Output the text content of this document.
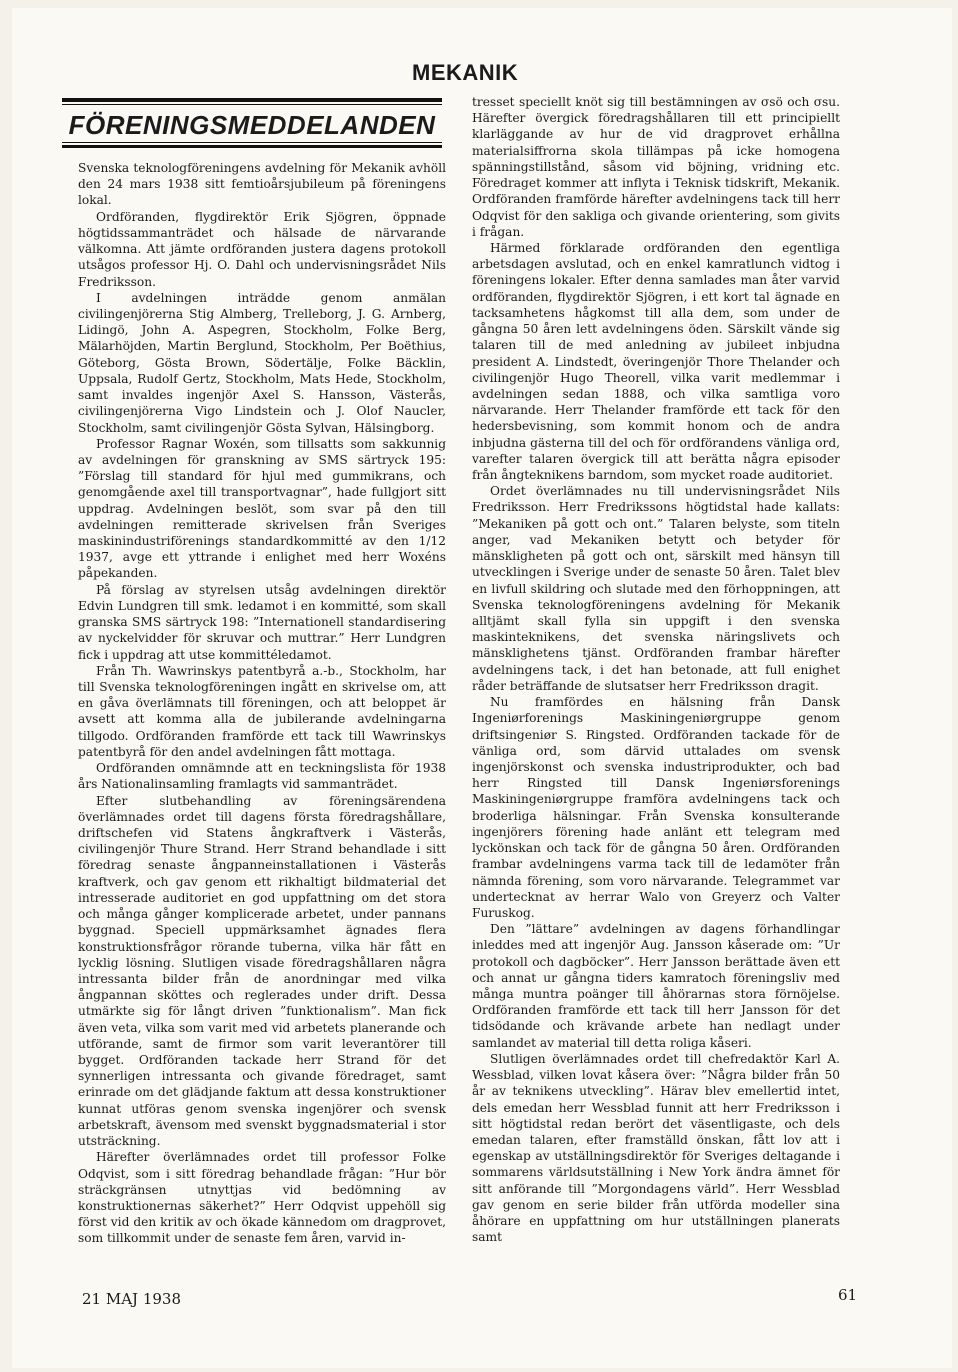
MEKANIK
FÖRENINGSMEDDELANDEN

Svenska teknologföreningens avdelning för Mekanik avhöll den 24 mars 1938 sitt femtioårsjubileum på föreningens lokal.

Ordföranden, flygdirektör Erik Sjögren, öppnade högtidssammanträdet och hälsade de närvarande välkomna. Att jämte ordföranden justera dagens protokoll utsågos professor Hj. O. Dahl och undervisningsrådet Nils Fredriksson.

I avdelningen inträdde genom anmälan civilingenjörerna Stig Almberg, Trelleborg, J. G. Arnberg, Lidingö, John A. Aspegren, Stockholm, Folke Berg, Mälarhöjden, Martin Berglund, Stockholm, Per Boëthius, Göteborg, Gösta Brown, Södertälje, Folke Bäcklin, Uppsala, Rudolf Gertz, Stockholm, Mats Hede, Stockholm, samt invaldes ingenjör Axel S. Hansson, Västerås, civilingenjörerna Vigo Lindstein och J. Olof Naucler, Stockholm, samt civilingenjör Gösta Sylvan, Hälsingborg.

Professor Ragnar Woxén, som tillsatts som sakkunnig av avdelningen för granskning av SMS särtryck 195: ”Förslag till standard för hjul med gummikrans, och genomgående axel till transportvagnar”, hade fullgjort sitt uppdrag. Avdelningen beslöt, som svar på den till avdelningen remitterade skrivelsen från Sveriges maskinindustriförenings standardkommitté av den 1/12 1937, avge ett yttrande i enlighet med herr Woxéns påpekanden.

På förslag av styrelsen utsåg avdelningen direktör Edvin Lundgren till smk. ledamot i en kommitté, som skall granska SMS särtryck 198: ”Internationell standardisering av nyckelvidder för skruvar och muttrar.” Herr Lundgren fick i uppdrag att utse kommittéledamot.

Från Th. Wawrinskys patentbyrå a.-b., Stockholm, har till Svenska teknologföreningen ingått en skrivelse om, att en gåva överlämnats till föreningen, och att beloppet är avsett att komma alla de jubilerande avdelningarna tillgodo. Ordföranden framförde ett tack till Wawrinskys patentbyrå för den andel avdelningen fått mottaga.

Ordföranden omnämnde att en teckningslista för 1938 års Nationalinsamling framlagts vid sammanträdet.

Efter slutbehandling av föreningsärendena överlämnades ordet till dagens första föredragshållare, driftschefen vid Statens ångkraftverk i Västerås, civilingenjör Thure Strand. Herr Strand behandlade i sitt föredrag senaste ångpanneinstallationen i Västerås kraftverk, och gav genom ett rikhaltigt bildmaterial det intresserade auditoriet en god uppfattning om det stora och många gånger komplicerade arbetet, under pannans byggnad. Speciell uppmärksamhet ägnades flera konstruktionsfrågor rörande tuberna, vilka här fått en lycklig lösning. Slutligen visade föredragshållaren några intressanta bilder från de anordningar med vilka ångpannan sköttes och reglerades under drift. Dessa utmärkte sig för långt driven ”funktionalism”. Man fick även veta, vilka som varit med vid arbetets planerande och utförande, samt de firmor som varit leverantörer till bygget. Ordföranden tackade herr Strand för det synnerligen intressanta och givande föredraget, samt erinrade om det glädjande faktum att dessa konstruktioner kunnat utföras genom svenska ingenjörer och svensk arbetskraft, ävensom med svenskt byggnadsmaterial i stor utsträckning.

Härefter överlämnades ordet till professor Folke Odqvist, som i sitt föredrag behandlade frågan: ”Hur bör sträckgränsen utnyttjas vid bedömning av konstruktionernas säkerhet?” Herr Odqvist uppehöll sig först vid den kritik av och ökade kännedom om dragprovet, som tillkommit under de senaste fem åren, varvid in-

tresset speciellt knöt sig till bestämningen av σsö och σsu. Härefter övergick föredragshållaren till ett principiellt klarläggande av hur de vid dragprovet erhållna materialsiffrorna skola tillämpas på icke homogena spänningstillstånd, såsom vid böjning, vridning etc. Föredraget kommer att inflyta i Teknisk tidskrift, Mekanik. Ordföranden framförde härefter avdelningens tack till herr Odqvist för den sakliga och givande orientering, som givits i frågan.

Härmed förklarade ordföranden den egentliga arbetsdagen avslutad, och en enkel kamratlunch vidtog i föreningens lokaler. Efter denna samlades man åter varvid ordföranden, flygdirektör Sjögren, i ett kort tal ägnade en tacksamhetens hågkomst till alla dem, som under de gångna 50 åren lett avdelningens öden. Särskilt vände sig talaren till de med anledning av jubileet inbjudna president A. Lindstedt, överingenjör Thore Thelander och civilingenjör Hugo Theorell, vilka varit medlemmar i avdelningen sedan 1888, och vilka samtliga voro närvarande. Herr Thelander framförde ett tack för den hedersbevisning, som kommit honom och de andra inbjudna gästerna till del och för ordförandens vänliga ord, varefter talaren övergick till att berätta några episoder från ångteknikens barndom, som mycket roade auditoriet.

Ordet överlämnades nu till undervisningsrådet Nils Fredriksson. Herr Fredrikssons högtidstal hade kallats: ”Mekaniken på gott och ont.” Talaren belyste, som titeln anger, vad Mekaniken betytt och betyder för mänskligheten på gott och ont, särskilt med hänsyn till utvecklingen i Sverige under de senaste 50 åren. Talet blev en livfull skildring och slutade med den förhoppningen, att Svenska teknologföreningens avdelning för Mekanik alltjämt skall fylla sin uppgift i den svenska maskinteknikens, det svenska näringslivets och mänsklighetens tjänst. Ordföranden frambar härefter avdelningens tack, i det han betonade, att full enighet råder beträffande de slutsatser herr Fredriksson dragit.

Nu framfördes en hälsning från Dansk Ingeniørforenings Maskiningeniørgruppe genom driftsingeniør S. Ringsted. Ordföranden tackade för de vänliga ord, som därvid uttalades om svensk ingenjörskonst och svenska industriprodukter, och bad herr Ringsted till Dansk Ingeniørsforenings Maskiningeniørgruppe framföra avdelningens tack och broderliga hälsningar. Från Svenska konsulterande ingenjörers förening hade anlänt ett telegram med lyckönskan och tack för de gångna 50 åren. Ordföranden frambar avdelningens varma tack till de ledamöter från nämnda förening, som voro närvarande. Telegrammet var undertecknat av herrar Walo von Greyerz och Valter Furuskog.

Den ”lättare” avdelningen av dagens förhandlingar inleddes med att ingenjör Aug. Jansson kåserade om: ”Ur protokoll och dagböcker”. Herr Jansson berättade även ett och annat ur gångna tiders kamratoch föreningsliv med många muntra poänger till åhörarnas stora förnöjelse. Ordföranden framförde ett tack till herr Jansson för det tidsödande och krävande arbete han nedlagt under samlandet av material till detta roliga kåseri.

Slutligen överlämnades ordet till chefredaktör Karl A. Wessblad, vilken lovat kåsera över: ”Några bilder från 50 år av teknikens utveckling”. Härav blev emellertid intet, dels emedan herr Wessblad funnit att herr Fredriksson i sitt högtidstal redan berört det väsentligaste, och dels emedan talaren, efter framställd önskan, fått lov att i egenskap av utställningsdirektör för Sveriges deltagande i sommarens världsutställning i New York ändra ämnet för sitt anförande till ”Morgondagens värld”. Herr Wessblad gav genom en serie bilder från utförda modeller sina åhörare en uppfattning om hur utställningen planerats samt

21 MAJ 1938	61
